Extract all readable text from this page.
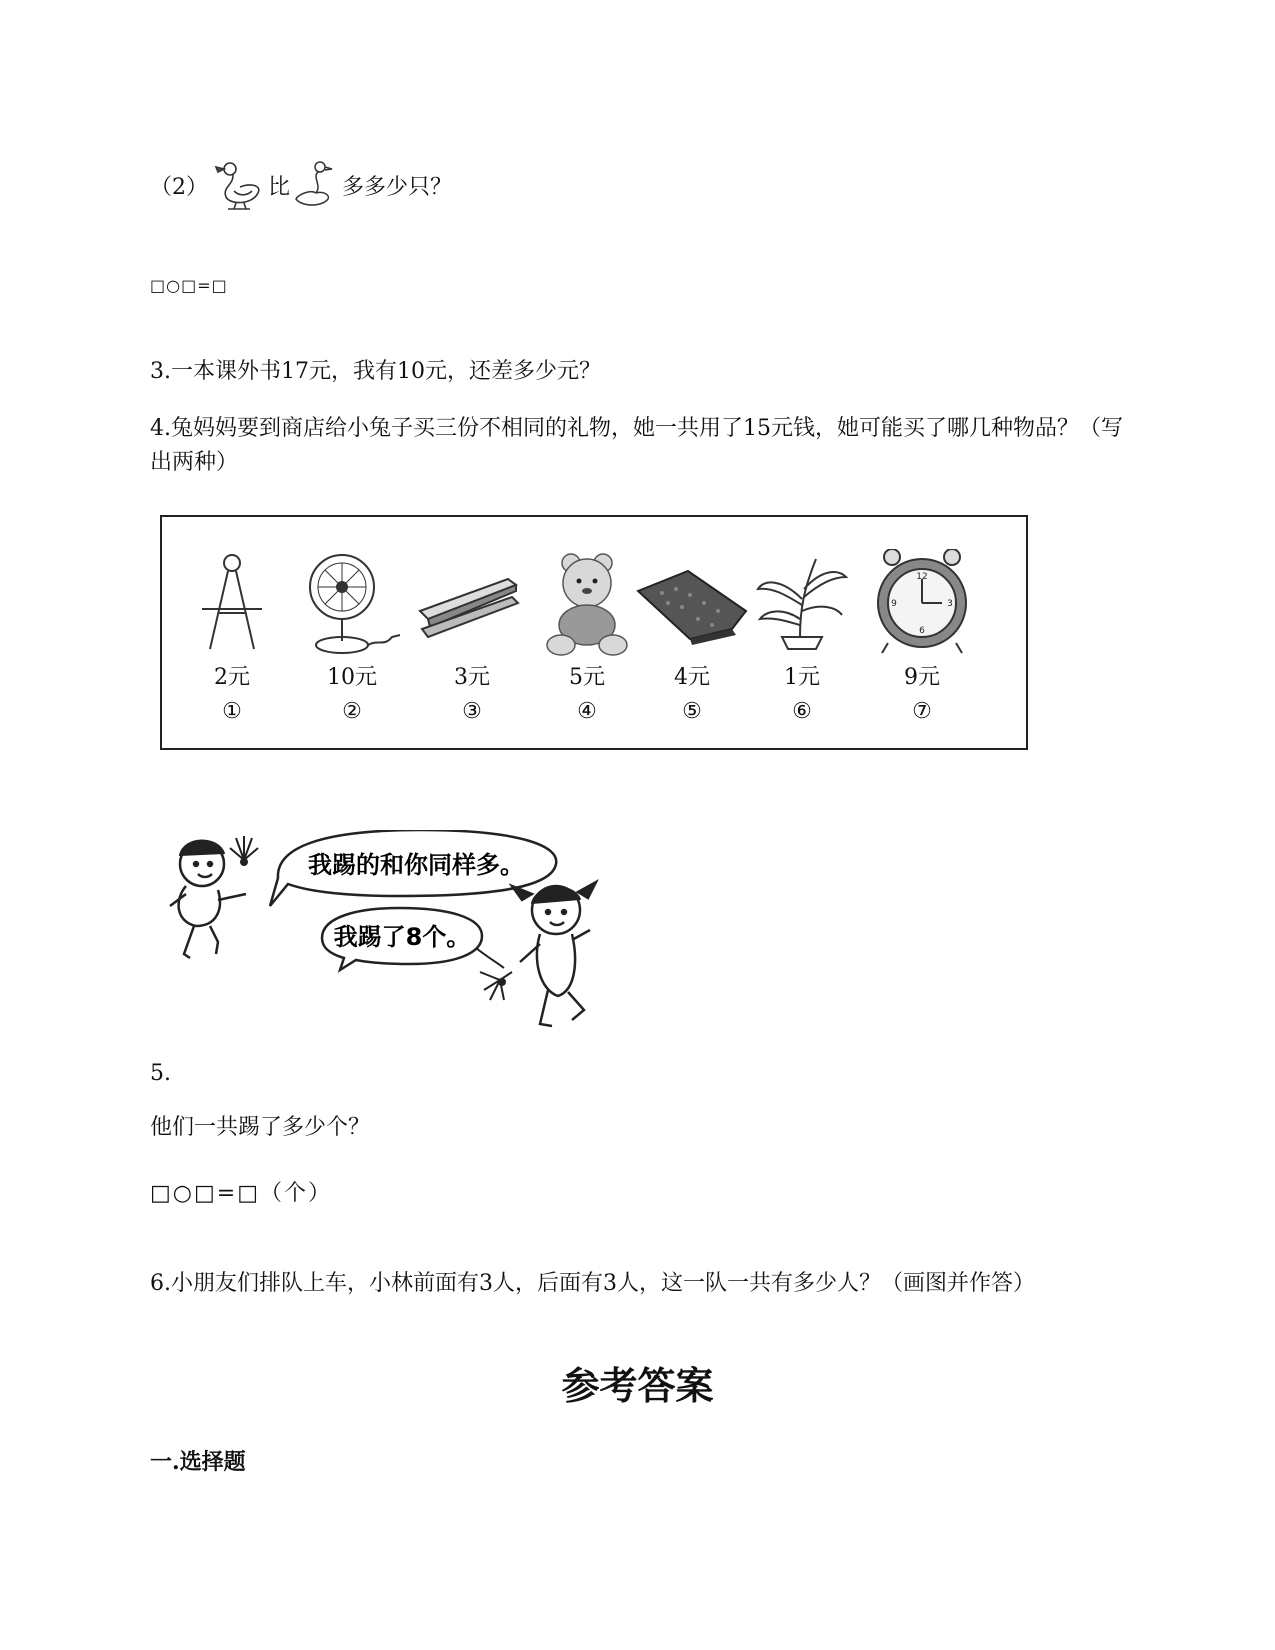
（2）	比 多多少只？
□○□=□
3.一本课外书17元，我有10元，还差多少元？
4.兔妈妈要到商店给小兔子买三份不相同的礼物，她一共用了15元钱，她可能买了哪几种物品？（写出两种）
2元
①
10元
②
3元
③
5元
④
4元
⑤
1元
⑥
12
3
6
9
9元
⑦
我踢的和你同样多。
我踢了8个。
5.
他们一共踢了多少个？
□○□=□（个）
6.小朋友们排队上车，小林前面有3人，后面有3人，这一队一共有多少人？（画图并作答）
参考答案
一.选择题
